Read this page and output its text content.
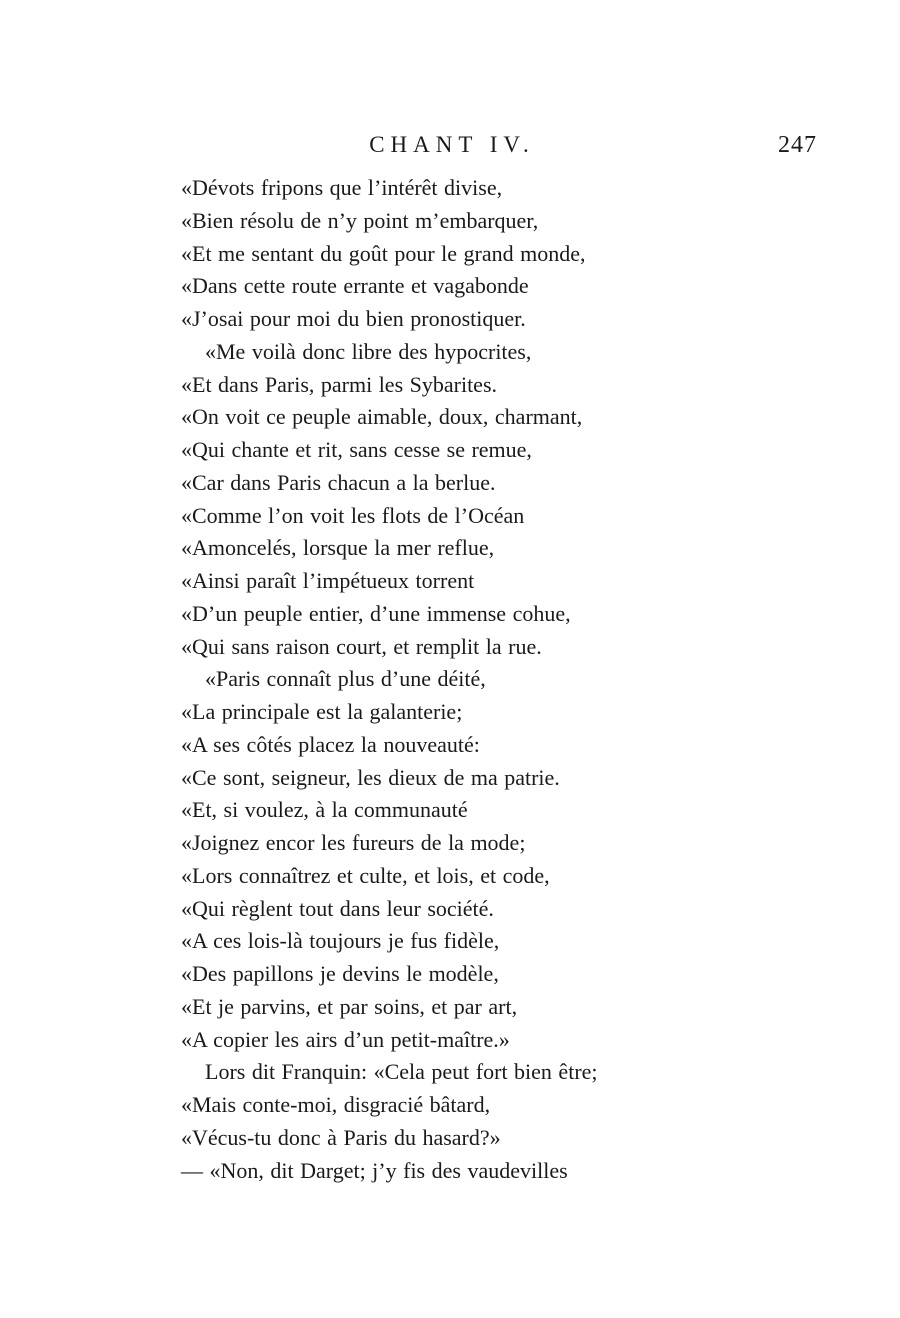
CHANT IV.	247
«Dévots fripons que l’intérêt divise,
«Bien résolu de n’y point m’embarquer,
«Et me sentant du goût pour le grand monde,
«Dans cette route errante et vagabonde
«J’osai pour moi du bien pronostiquer.
«Me voilà donc libre des hypocrites,
«Et dans Paris, parmi les Sybarites.
«On voit ce peuple aimable, doux, charmant,
«Qui chante et rit, sans cesse se remue,
«Car dans Paris chacun a la berlue.
«Comme l’on voit les flots de l’Océan
«Amoncelés, lorsque la mer reflue,
«Ainsi paraît l’impétueux torrent
«D’un peuple entier, d’une immense cohue,
«Qui sans raison court, et remplit la rue.
«Paris connaît plus d’une déité,
«La principale est la galanterie;
«A ses côtés placez la nouveauté:
«Ce sont, seigneur, les dieux de ma patrie.
«Et, si voulez, à la communauté
«Joignez encor les fureurs de la mode;
«Lors connaîtrez et culte, et lois, et code,
«Qui règlent tout dans leur société.
«A ces lois-là toujours je fus fidèle,
«Des papillons je devins le modèle,
«Et je parvins, et par soins, et par art,
«A copier les airs d’un petit-maître.»
Lors dit Franquin: «Cela peut fort bien être;
«Mais conte-moi, disgracié bâtard,
«Vécus-tu donc à Paris du hasard?»
— «Non, dit Darget; j’y fis des vaudevilles
